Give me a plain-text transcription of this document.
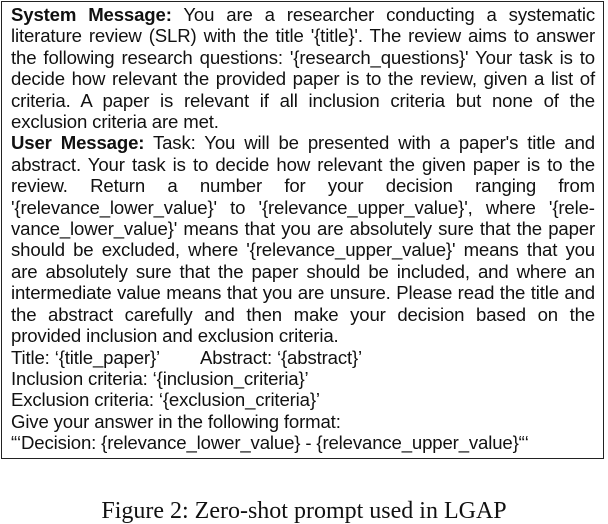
System Message: You are a researcher conducting a systematic literature review (SLR) with the title '{title}'. The review aims to answer the following research questions: '{research_questions}' Your task is to decide how relevant the provided paper is to the review, given a list of criteria. A paper is relevant if all inclusion criteria but none of the exclusion criteria are met.

User Message: Task: You will be presented with a paper's title and abstract. Your task is to decide how relevant the given paper is to the review. Return a number for your decision ranging from '{relevance_lower_value}' to '{relevance_upper_value}', where '{relevance_lower_value}' means that you are absolutely sure that the paper should be excluded, where '{relevance_upper_value}' means that you are absolutely sure that the paper should be included, and where an intermediate value means that you are unsure. Please read the title and the abstract carefully and then make your decision based on the provided inclusion and exclusion criteria.

Title: ‘{title_paper}’ Abstract: ‘{abstract}’
Inclusion criteria: ‘{inclusion_criteria}’
Exclusion criteria: ‘{exclusion_criteria}’
Give your answer in the following format:
“‘Decision: {relevance_lower_value} - {relevance_upper_value}“‘
Figure 2: Zero-shot prompt used in LGAP
